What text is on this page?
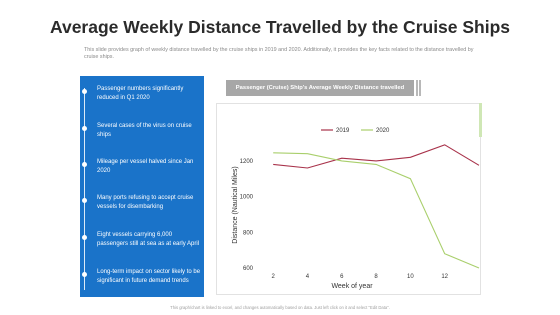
Average Weekly Distance Travelled by the Cruise Ships
This slide provides graph of weekly distance travelled by the cruise ships in 2019 and 2020. Additionally, it provides the key facts related to the distance travelled by cruise ships.
Passenger numbers significantly reduced in Q1 2020
Several cases of the virus on cruise ships
Mileage per vessel halved since Jan 2020
Many ports refusing to accept cruise vessels for disembarking
Eight vessels carrying 6,000 passengers still at sea as at early April
Long-term impact on sector likely to be significant in future demand trends
Passenger (Cruise) Ship's Average Weekly Distance travelled
2019	2020
600
800
1000
1200
2	4	6	8	10	12
Distance (Nautical Miles)
Week of year
This graph/chart is linked to excel, and changes automatically based on data. Just left click on it and select "Edit Data".
